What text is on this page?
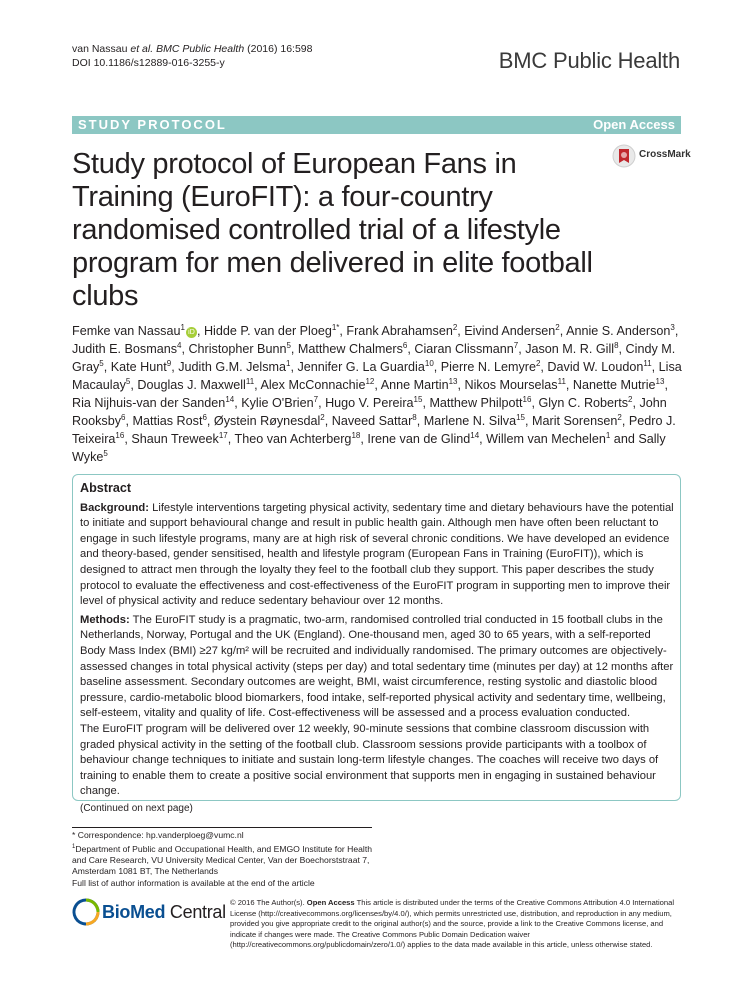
van Nassau et al. BMC Public Health (2016) 16:598
DOI 10.1186/s12889-016-3255-y	BMC Public Health
STUDY PROTOCOL	Open Access
Study protocol of European Fans in Training (EuroFIT): a four-country randomised controlled trial of a lifestyle program for men delivered in elite football clubs
CrossMark
Femke van Nassau$^1$iD , Hidde P. van der Ploeg$^{1*}$, Frank Abrahamsen$^2$, Eivind Andersen$^2$, Annie S. Anderson$^3$, Judith E. Bosmans$^4$, Christopher Bunn$^5$, Matthew Chalmers$^6$, Ciaran Clissmann$^7$, Jason M. R. Gill$^8$, Cindy M. Gray$^5$, Kate Hunt$^9$, Judith G.M. Jelsma$^1$, Jennifer G. La Guardia$^{10}$, Pierre N. Lemyre$^2$, David W. Loudon$^{11}$, Lisa Macaulay$^5$, Douglas J. Maxwell$^{11}$, Alex McConnachie$^{12}$, Anne Martin$^{13}$, Nikos Mourselas$^{11}$, Nanette Mutrie$^{13}$, Ria Nijhuis-van der Sanden$^{14}$, Kylie O'Brien$^7$, Hugo V. Pereira$^{15}$, Matthew Philpott$^{16}$, Glyn C. Roberts$^2$, John Rooksby$^6$, Mattias Rost$^6$, Øystein Røynesdal$^2$, Naveed Sattar$^8$, Marlene N. Silva$^{15}$, Marit Sorensen$^2$, Pedro J. Teixeira$^{16}$, Shaun Treweek$^{17}$, Theo van Achterberg$^{18}$, Irene van de Glind$^{14}$, Willem van Mechelen$^1$ and Sally Wyke$^5$
Abstract

Background: Lifestyle interventions targeting physical activity, sedentary time and dietary behaviours have the potential to initiate and support behavioural change and result in public health gain. Although men have often been reluctant to engage in such lifestyle programs, many are at high risk of several chronic conditions. We have developed an evidence and theory-based, gender sensitised, health and lifestyle program (European Fans in Training (EuroFIT)), which is designed to attract men through the loyalty they feel to the football club they support. This paper describes the study protocol to evaluate the effectiveness and cost-effectiveness of the EuroFIT program in supporting men to improve their level of physical activity and reduce sedentary behaviour over 12 months.

Methods: The EuroFIT study is a pragmatic, two-arm, randomised controlled trial conducted in 15 football clubs in the Netherlands, Norway, Portugal and the UK (England). One-thousand men, aged 30 to 65 years, with a self-reported Body Mass Index (BMI) ≥27 kg/m² will be recruited and individually randomised. The primary outcomes are objectively-assessed changes in total physical activity (steps per day) and total sedentary time (minutes per day) at 12 months after baseline assessment. Secondary outcomes are weight, BMI, waist circumference, resting systolic and diastolic blood pressure, cardio-metabolic blood biomarkers, food intake, self-reported physical activity and sedentary time, wellbeing, self-esteem, vitality and quality of life. Cost-effectiveness will be assessed and a process evaluation conducted.

The EuroFIT program will be delivered over 12 weekly, 90-minute sessions that combine classroom discussion with graded physical activity in the setting of the football club. Classroom sessions provide participants with a toolbox of behaviour change techniques to initiate and sustain long-term lifestyle changes. The coaches will receive two days of training to enable them to create a positive social environment that supports men in engaging in sustained behaviour change.

(Continued on next page)

* Correspondence: hp.vanderploeg@vumc.nl
$^1$Department of Public and Occupational Health, and EMGO Institute for Health and Care Research, VU University Medical Center, Van der Boechorststraat 7, Amsterdam 1081 BT, The Netherlands
Full list of author information is available at the end of the article
BioMed Central © 2016 The Author(s). Open Access This article is distributed under the terms of the Creative Commons Attribution 4.0 International License (http://creativecommons.org/licenses/by/4.0/), which permits unrestricted use, distribution, and reproduction in any medium, provided you give appropriate credit to the original author(s) and the source, provide a link to the Creative Commons license, and indicate if changes were made. The Creative Commons Public Domain Dedication waiver (http://creativecommons.org/publicdomain/zero/1.0/) applies to the data made available in this article, unless otherwise stated.
